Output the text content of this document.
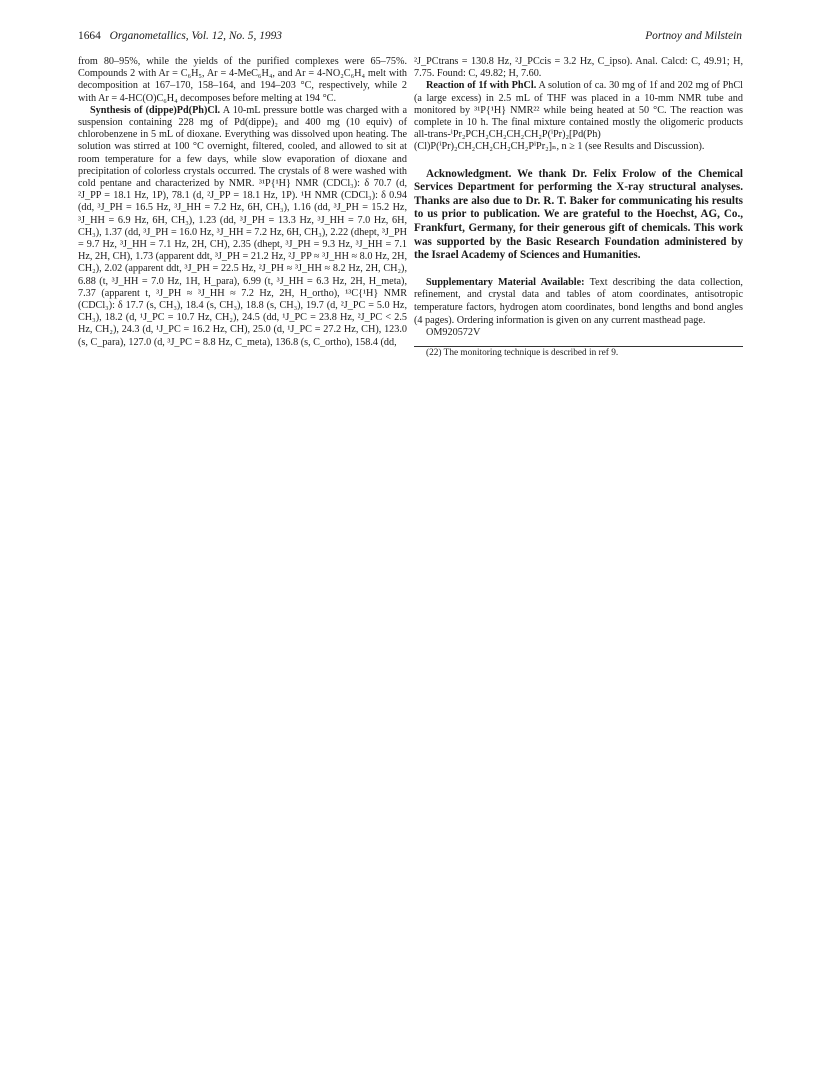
1664 Organometallics, Vol. 12, No. 5, 1993	Portnoy and Milstein

from 80–95%, while the yields of the purified complexes were 65–75%. Compounds 2 with Ar = C₆H₅, Ar = 4-MeC₆H₄, and Ar = 4-NO₂C₆H₄ melt with decomposition at 167–170, 158–164, and 194–203 °C, respectively, while 2 with Ar = 4-HC(O)C₆H₄ decomposes before melting at 194 °C.

Synthesis of (dippe)Pd(Ph)Cl. A 10-mL pressure bottle was charged with a suspension containing 228 mg of Pd(dippe)₂ and 400 mg (10 equiv) of chlorobenzene in 5 mL of dioxane. Everything was dissolved upon heating. The solution was stirred at 100 °C overnight, filtered, cooled, and allowed to sit at room temperature for a few days, while slow evaporation of dioxane and precipitation of colorless crystals occurred. The crystals of 8 were washed with cold pentane and characterized by NMR. ³¹P{¹H} NMR (CDCl₃): δ 70.7 (d, ²J_PP = 18.1 Hz, 1P), 78.1 (d, ²J_PP = 18.1 Hz, 1P). ¹H NMR (CDCl₃): δ 0.94 (dd, ³J_PH = 16.5 Hz, ³J_HH = 7.2 Hz, 6H, CH₃), 1.16 (dd, ³J_PH = 15.2 Hz, ³J_HH = 6.9 Hz, 6H, CH₃), 1.23 (dd, ³J_PH = 13.3 Hz, ³J_HH = 7.0 Hz, 6H, CH₃), 1.37 (dd, ³J_PH = 16.0 Hz, ³J_HH = 7.2 Hz, 6H, CH₃), 2.22 (dhept, ³J_PH = 9.7 Hz, ³J_HH = 7.1 Hz, 2H, CH), 2.35 (dhept, ³J_PH = 9.3 Hz, ³J_HH = 7.1 Hz, 2H, CH), 1.73 (apparent ddt, ³J_PH = 21.2 Hz, ²J_PP ≈ ³J_HH ≈ 8.0 Hz, 2H, CH₂), 2.02 (apparent ddt, ³J_PH = 22.5 Hz, ²J_PH ≈ ³J_HH ≈ 8.2 Hz, 2H, CH₂), 6.88 (t, ³J_HH = 7.0 Hz, 1H, H_para), 6.99 (t, ³J_HH = 6.3 Hz, 2H, H_meta), 7.37 (apparent t, ³J_PH ≈ ³J_HH ≈ 7.2 Hz, 2H, H_ortho), ¹³C{¹H} NMR (CDCl₃): δ 17.7 (s, CH₃), 18.4 (s, CH₃), 18.8 (s, CH₃), 19.7 (d, ²J_PC = 5.0 Hz, CH₃), 18.2 (d, ¹J_PC = 10.7 Hz, CH₂), 24.5 (dd, ¹J_PC = 23.8 Hz, ²J_PC < 2.5 Hz, CH₂), 24.3 (d, ¹J_PC = 16.2 Hz, CH), 25.0 (d, ¹J_PC = 27.2 Hz, CH), 123.0 (s, C_para), 127.0 (d, ³J_PC = 8.8 Hz, C_meta), 136.8 (s, C_ortho), 158.4 (dd,

²J_PCtrans = 130.8 Hz, ²J_PCcis = 3.2 Hz, C_ipso). Anal. Calcd: C, 49.91; H, 7.75. Found: C, 49.82; H, 7.60.

Reaction of 1f with PhCl. A solution of ca. 30 mg of 1f and 202 mg of PhCl (a large excess) in 2.5 mL of THF was placed in a 10-mm NMR tube and monitored by ³¹P{¹H} NMR²² while being heated at 50 °C. The reaction was complete in 10 h. The final mixture contained mostly the oligomeric products all-trans-ⁱPr₂PCH₂CH₂CH₂CH₂P(ⁱPr)₂[Pd(Ph)(Cl)P(ⁱPr)₂CH₂CH₂CH₂CH₂PⁱPr₂]ₙ, n ≥ 1 (see Results and Discussion).

Acknowledgment. We thank Dr. Felix Frolow of the Chemical Services Department for performing the X-ray structural analyses. Thanks are also due to Dr. R. T. Baker for communicating his results to us prior to publication. We are grateful to the Hoechst, AG, Co., Frankfurt, Germany, for their generous gift of chemicals. This work was supported by the Basic Research Foundation administered by the Israel Academy of Sciences and Humanities.

Supplementary Material Available: Text describing the data collection, refinement, and crystal data and tables of atom coordinates, antisotropic temperature factors, hydrogen atom coordinates, bond lengths and bond angles (4 pages). Ordering information is given on any current masthead page.

OM920572V

(22) The monitoring technique is described in ref 9.
